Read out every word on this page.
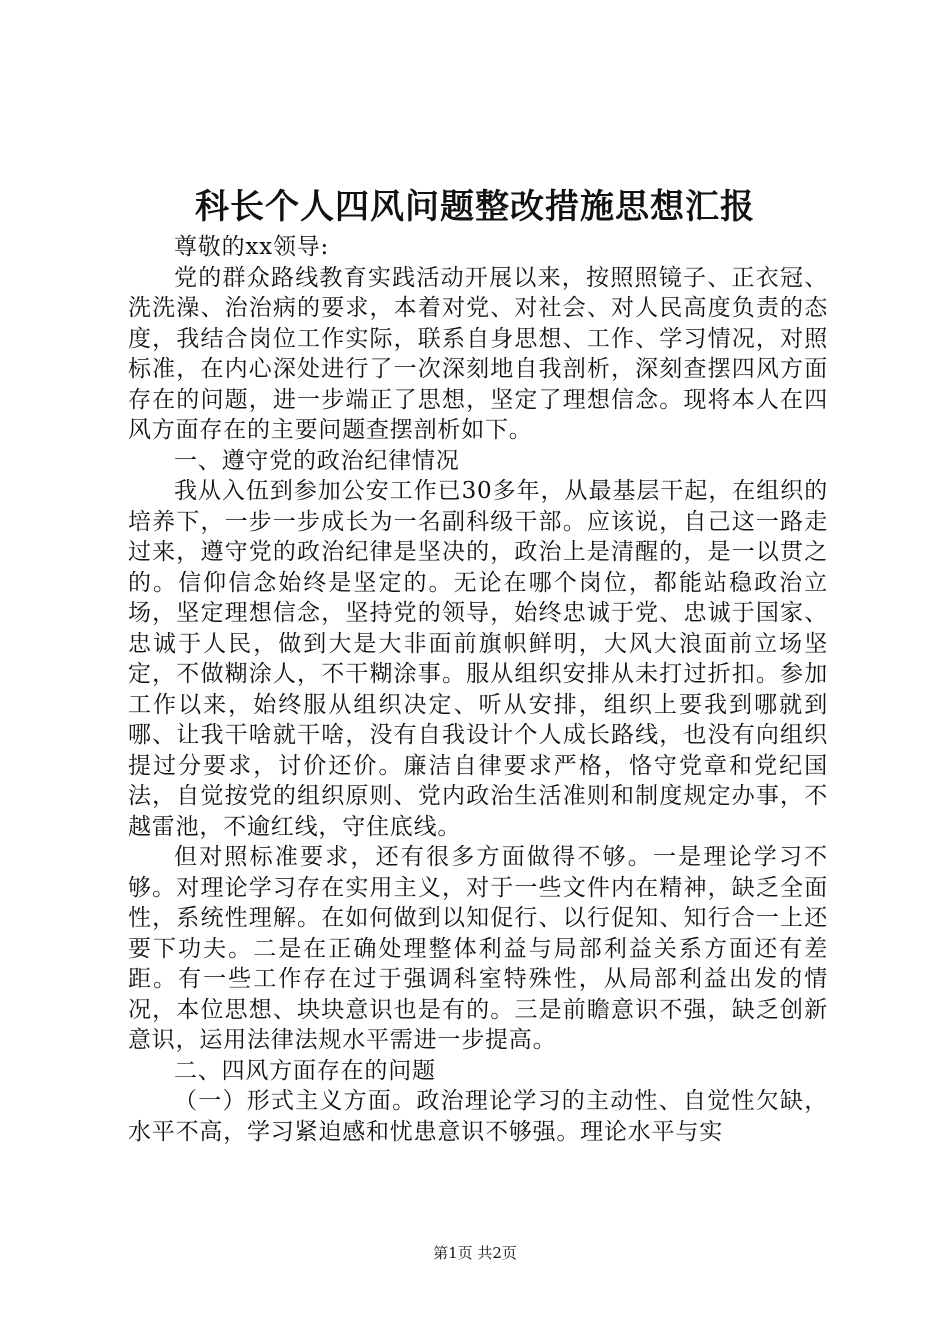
科长个人四风问题整改措施思想汇报

尊敬的xx领导:

党的群众路线教育实践活动开展以来，按照照镜子、正衣冠、洗洗澡、治治病的要求，本着对党、对社会、对人民高度负责的态度，我结合岗位工作实际，联系自身思想、工作、学习情况，对照标准，在内心深处进行了一次深刻地自我剖析，深刻查摆四风方面存在的问题，进一步端正了思想，坚定了理想信念。现将本人在四风方面存在的主要问题查摆剖析如下。

一、遵守党的政治纪律情况

我从入伍到参加公安工作已30多年，从最基层干起，在组织的培养下，一步一步成长为一名副科级干部。应该说，自己这一路走过来，遵守党的政治纪律是坚决的，政治上是清醒的，是一以贯之的。信仰信念始终是坚定的。无论在哪个岗位，都能站稳政治立场，坚定理想信念，坚持党的领导，始终忠诚于党、忠诚于国家、忠诚于人民，做到大是大非面前旗帜鲜明，大风大浪面前立场坚定，不做糊涂人，不干糊涂事。服从组织安排从未打过折扣。参加工作以来，始终服从组织决定、听从安排，组织上要我到哪就到哪、让我干啥就干啥，没有自我设计个人成长路线，也没有向组织提过分要求，讨价还价。廉洁自律要求严格，恪守党章和党纪国法，自觉按党的组织原则、党内政治生活准则和制度规定办事，不越雷池，不逾红线，守住底线。

但对照标准要求，还有很多方面做得不够。一是理论学习不够。对理论学习存在实用主义，对于一些文件内在精神，缺乏全面性，系统性理解。在如何做到以知促行、以行促知、知行合一上还要下功夫。二是在正确处理整体利益与局部利益关系方面还有差距。有一些工作存在过于强调科室特殊性，从局部利益出发的情况，本位思想、块块意识也是有的。三是前瞻意识不强，缺乏创新意识，运用法律法规水平需进一步提高。

二、四风方面存在的问题

（一）形式主义方面。政治理论学习的主动性、自觉性欠缺，水平不高，学习紧迫感和忧患意识不够强。理论水平与实

第1页 共2页
